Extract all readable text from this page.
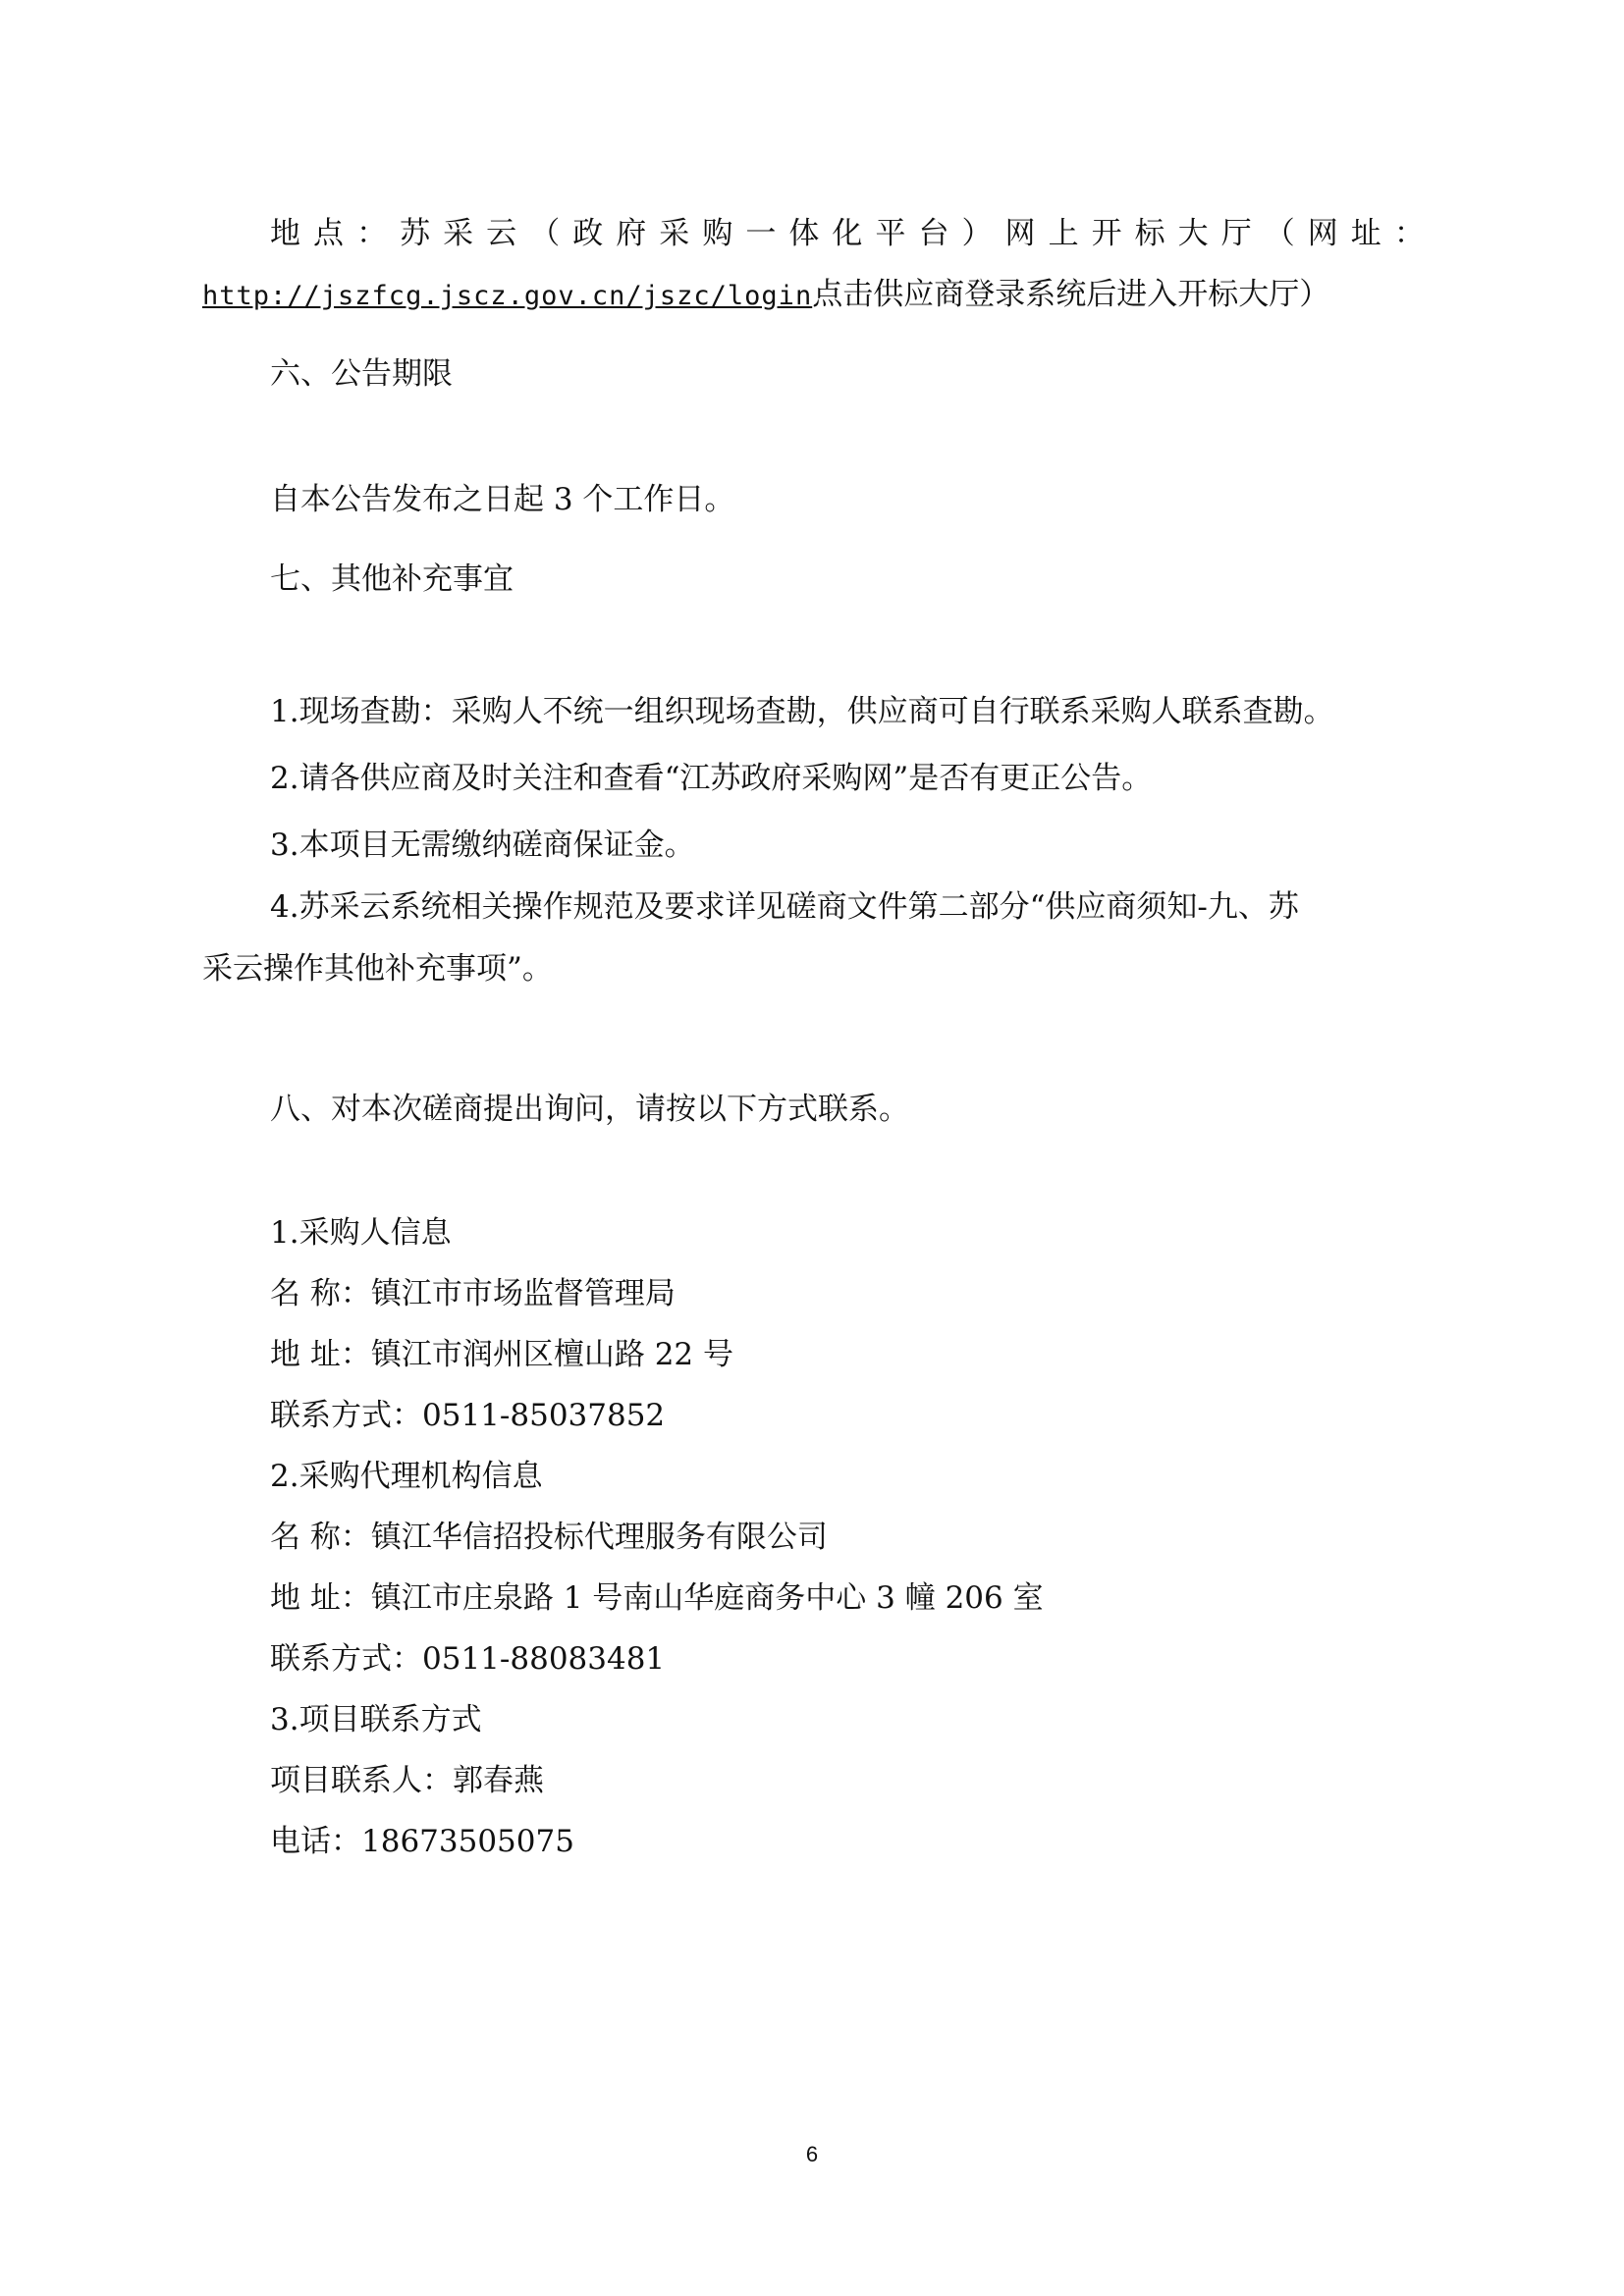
地 点 ： 苏 采 云 （ 政 府 采 购 一 体 化 平 台 ） 网 上 开 标 大 厅 （ 网 址 ：
http://jszfcg.jscz.gov.cn/jszc/login点击供应商登录系统后进入开标大厅）
六、公告期限
自本公告发布之日起 3 个工作日。
七、其他补充事宜
1.现场查勘：采购人不统一组织现场查勘，供应商可自行联系采购人联系查勘。
2.请各供应商及时关注和查看“江苏政府采购网”是否有更正公告。
3.本项目无需缴纳磋商保证金。
4.苏采云系统相关操作规范及要求详见磋商文件第二部分“供应商须知-九、苏
采云操作其他补充事项”。
八、对本次磋商提出询问，请按以下方式联系。
1.采购人信息
名 称：镇江市市场监督管理局
地 址：镇江市润州区檀山路 22 号
联系方式：0511-85037852
2.采购代理机构信息
名 称：镇江华信招投标代理服务有限公司
地 址：镇江市庄泉路 1 号南山华庭商务中心 3 幢 206 室
联系方式：0511-88083481
3.项目联系方式
项目联系人：郭春燕
电话：18673505075
6
